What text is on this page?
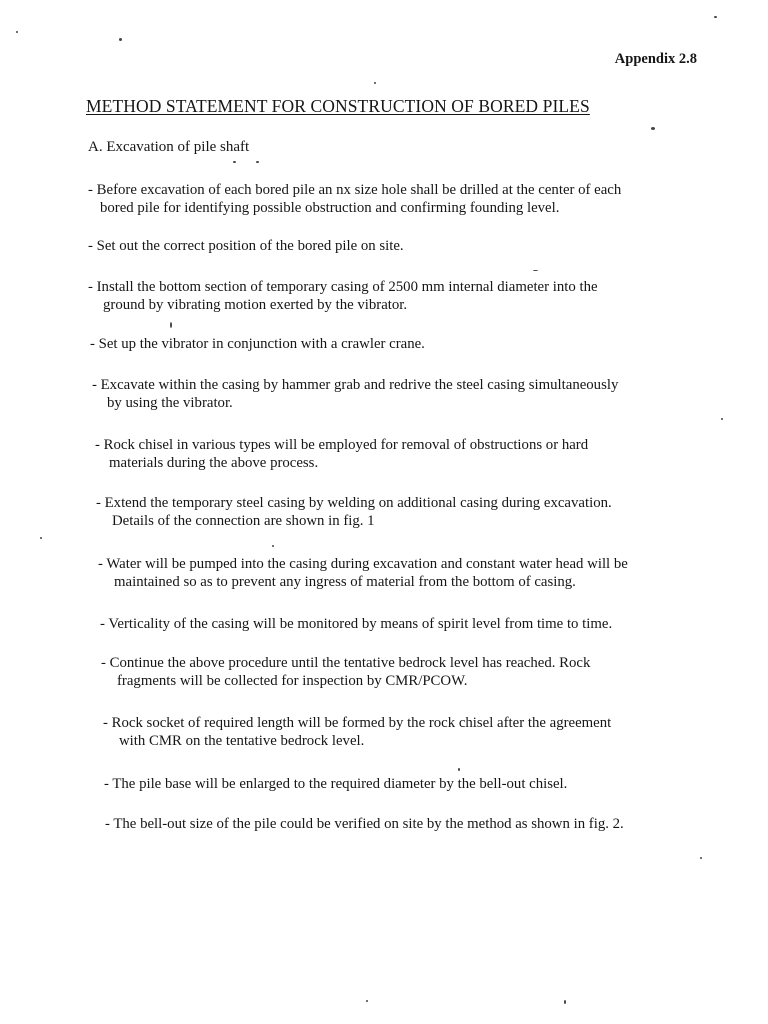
Appendix 2.8
METHOD STATEMENT FOR CONSTRUCTION OF BORED PILES
A. Excavation of pile shaft
- Before excavation of each bored pile an nx size hole shall be drilled at the center of each
bored pile for identifying possible obstruction and confirming founding level.
- Set out the correct position of the bored pile on site.
- Install the bottom section of temporary casing of 2500 mm internal diameter into the
ground by vibrating motion exerted by the vibrator.
- Set up the vibrator in conjunction with a crawler crane.
- Excavate within the casing by hammer grab and redrive the steel casing simultaneously
by using the vibrator.
- Rock chisel in various types will be employed for removal of obstructions or hard
materials during the above process.
- Extend the temporary steel casing by welding on additional casing during excavation.
Details of the connection are shown in fig. 1
- Water will be pumped into the casing during excavation and constant water head will be
maintained so as to prevent any ingress of material from the bottom of casing.
- Verticality of the casing will be monitored by means of spirit level from time to time.
- Continue the above procedure until the tentative bedrock level has reached. Rock
fragments will be collected for inspection by CMR/PCOW.
- Rock socket of required length will be formed by the rock chisel after the agreement
with CMR on the tentative bedrock level.
- The pile base will be enlarged to the required diameter by the bell-out chisel.
- The bell-out size of the pile could be verified on site by the method as shown in fig. 2.
